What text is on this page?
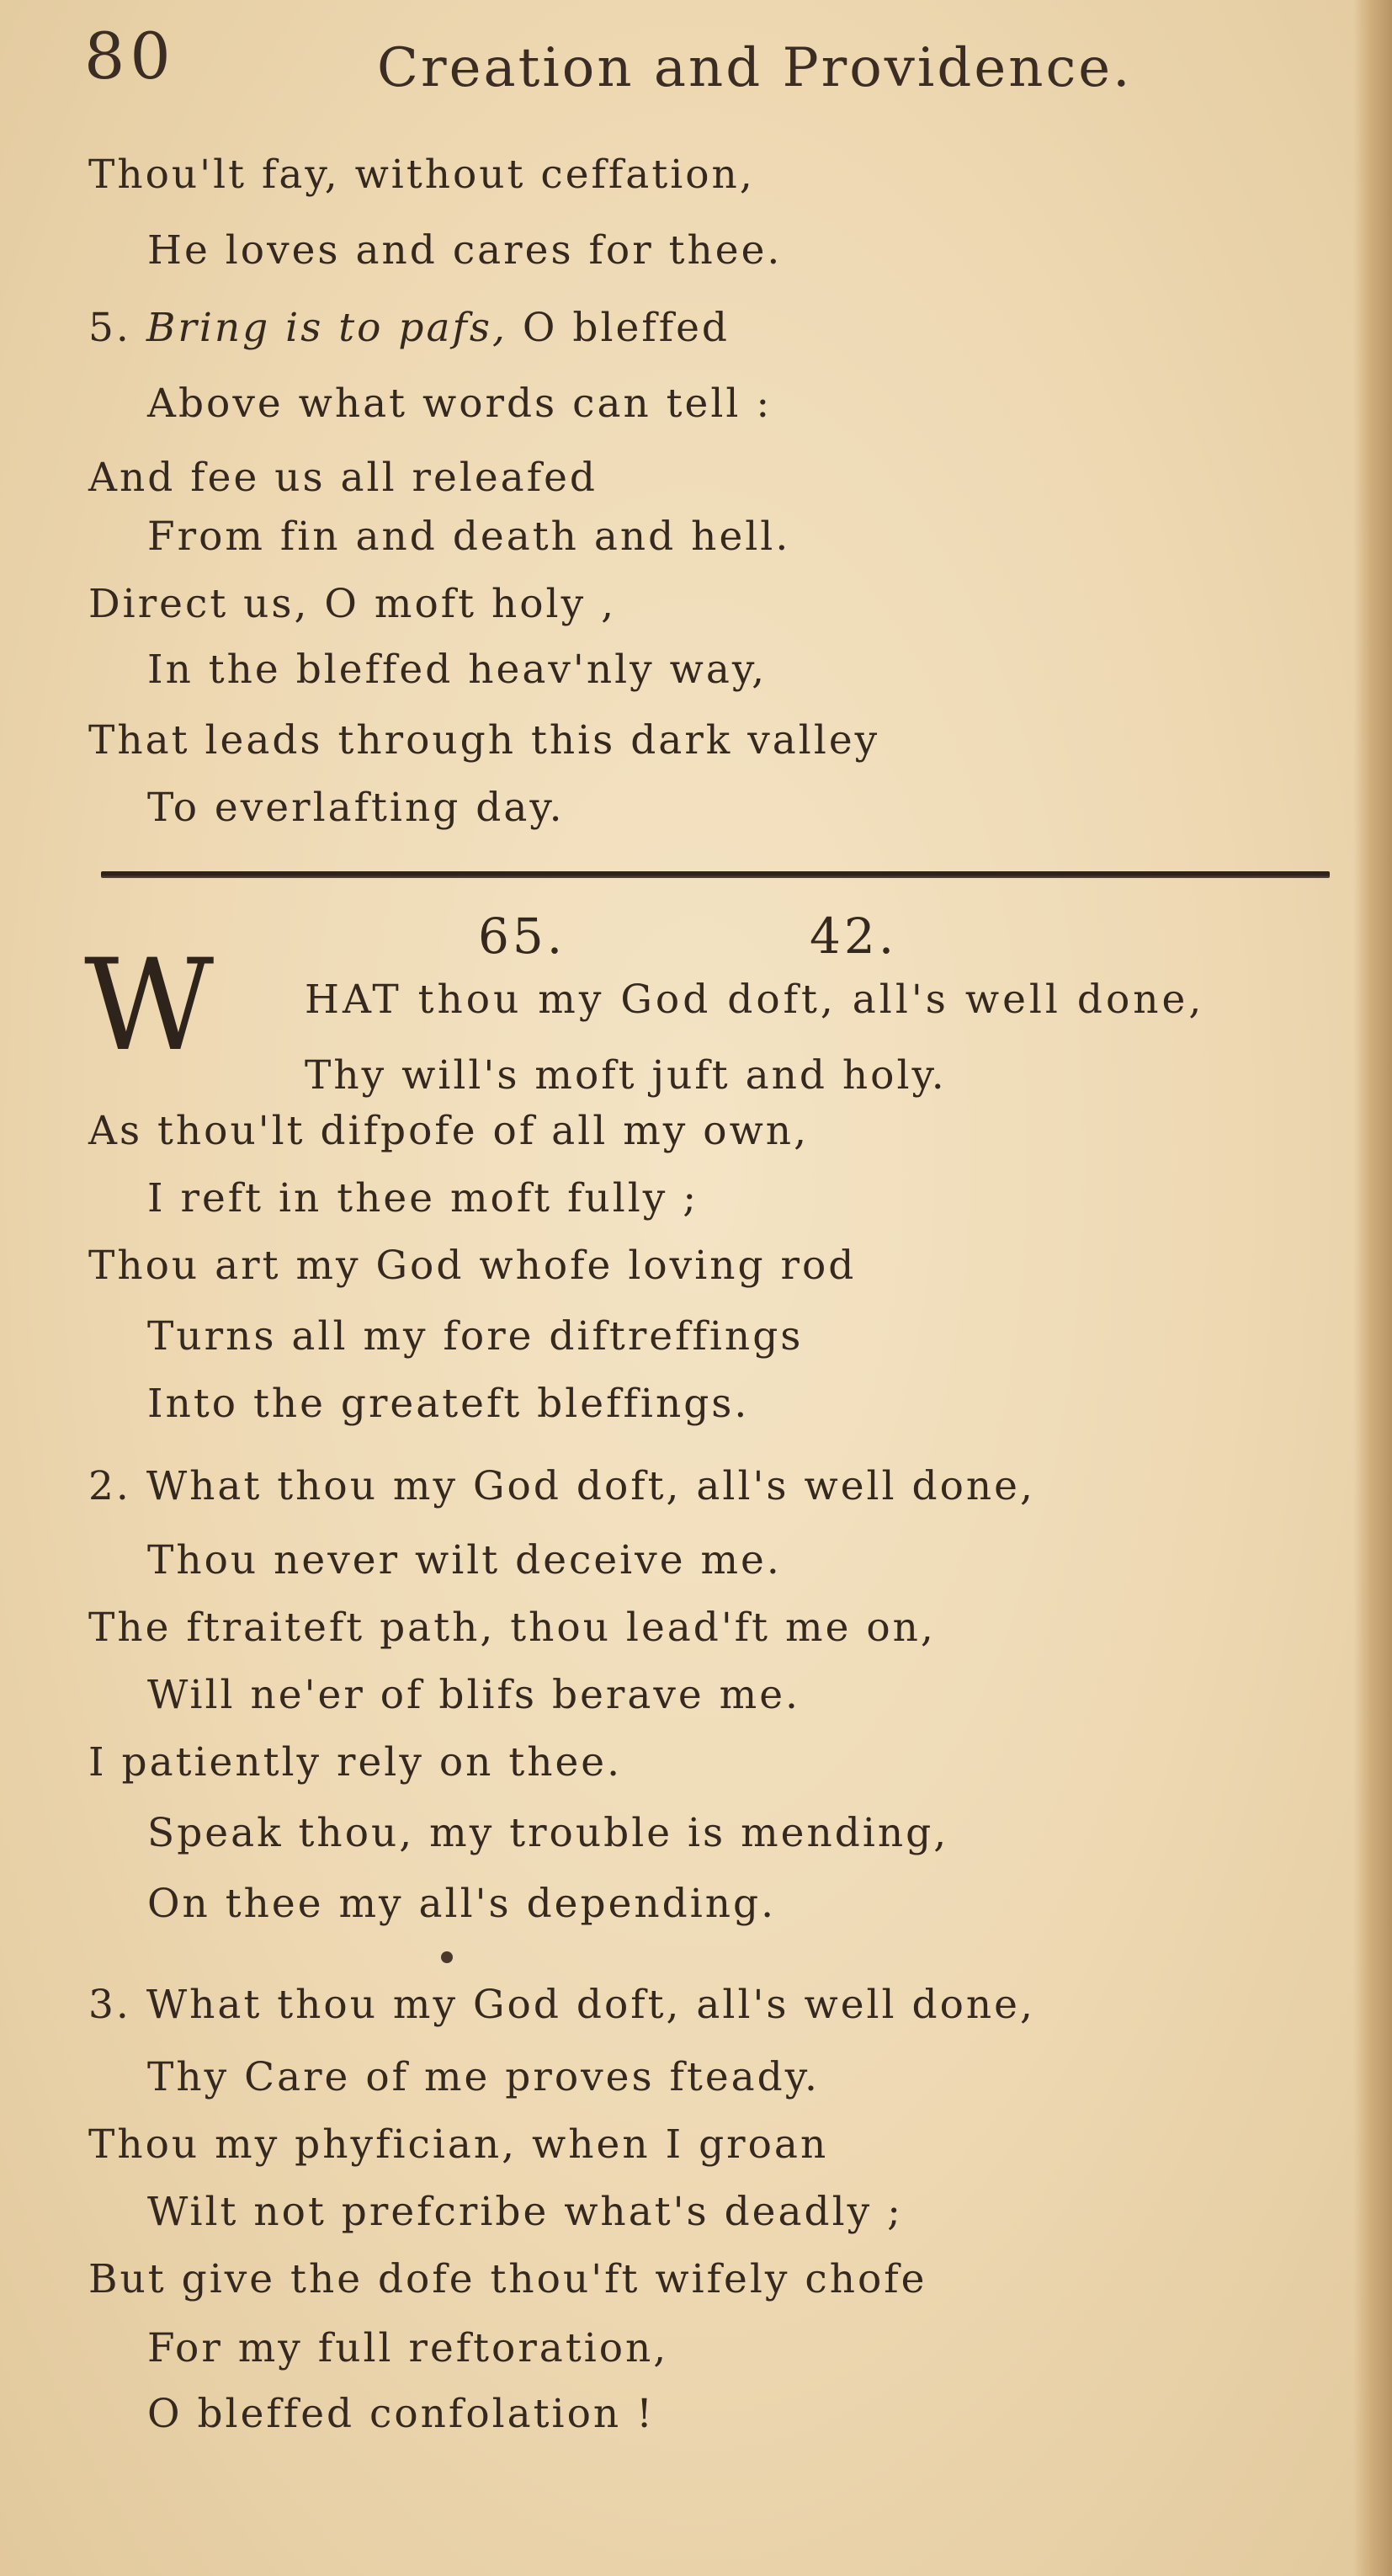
80	Creation and Providence.
Thou'lt fay, without ceffation,
He loves and cares for thee.
5. Bring is to pafs, O bleffed
Above what words can tell :
And fee us all releafed
From fin and death and hell.
Direct us, O moft holy ,
In the bleffed heav'nly way,
That leads through this dark valley
To everlafting day.
65.	42.
W HAT thou my God doft, all's well done,
Thy will's moft juft and holy.
As thou'lt difpofe of all my own,
I reft in thee moft fully ;
Thou art my God whofe loving rod
Turns all my fore diftreffings
Into the greateft bleffings.
2. What thou my God doft, all's well done,
Thou never wilt deceive me.
The ftraiteft path, thou lead'ft me on,
Will ne'er of blifs berave me.
I patiently rely on thee.
Speak thou, my trouble is mending,
On thee my all's depending.
3. What thou my God doft, all's well done,
Thy Care of me proves fteady.
Thou my phyfician, when I groan
Wilt not prefcribe what's deadly ;
But give the dofe thou'ft wifely chofe
For my full reftoration,
O bleffed confolation !
